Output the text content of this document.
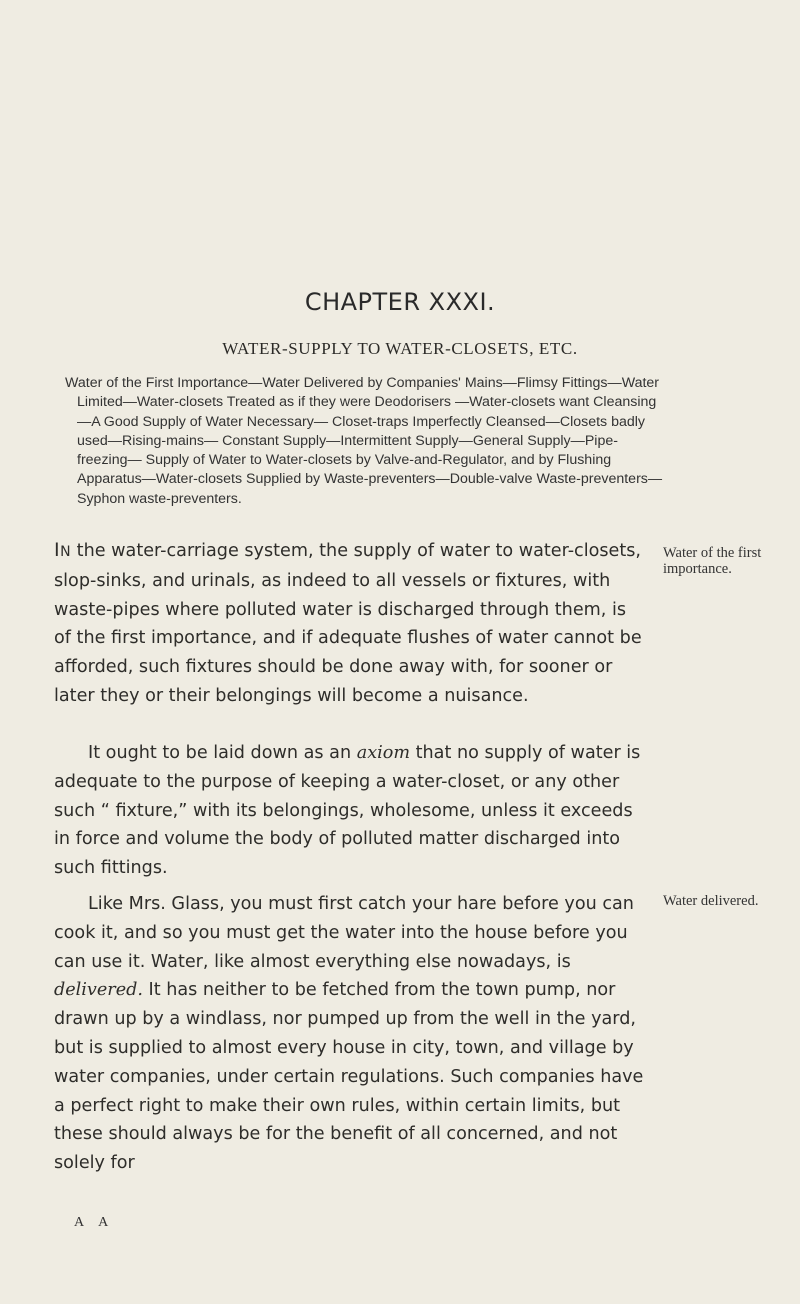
CHAPTER XXXI.
WATER-SUPPLY TO WATER-CLOSETS, ETC.
Water of the First Importance—Water Delivered by Companies' Mains—Flimsy Fittings—Water Limited—Water-closets Treated as if they were Deodorisers —Water-closets want Cleansing—A Good Supply of Water Necessary— Closet-traps Imperfectly Cleansed—Closets badly used—Rising-mains— Constant Supply—Intermittent Supply—General Supply—Pipe-freezing— Supply of Water to Water-closets by Valve-and-Regulator, and by Flushing Apparatus—Water-closets Supplied by Waste-preventers—Double-valve Waste-preventers—Syphon waste-preventers.

IN the water-carriage system, the supply of water to water-closets, slop-sinks, and urinals, as indeed to all vessels or fixtures, with waste-pipes where polluted water is discharged through them, is of the first importance, and if adequate flushes of water cannot be afforded, such fixtures should be done away with, for sooner or later they or their belongings will become a nuisance.

It ought to be laid down as an axiom that no supply of water is adequate to the purpose of keeping a water-closet, or any other such “ fixture,” with its belongings, wholesome, unless it exceeds in force and volume the body of polluted matter discharged into such fittings.

Like Mrs. Glass, you must first catch your hare before you can cook it, and so you must get the water into the house before you can use it. Water, like almost everything else nowadays, is delivered. It has neither to be fetched from the town pump, nor drawn up by a windlass, nor pumped up from the well in the yard, but is supplied to almost every house in city, town, and village by water companies, under certain regulations. Such companies have a perfect right to make their own rules, within certain limits, but these should always be for the benefit of all concerned, and not solely for

Water of the first importance.
Water delivered.
A A
